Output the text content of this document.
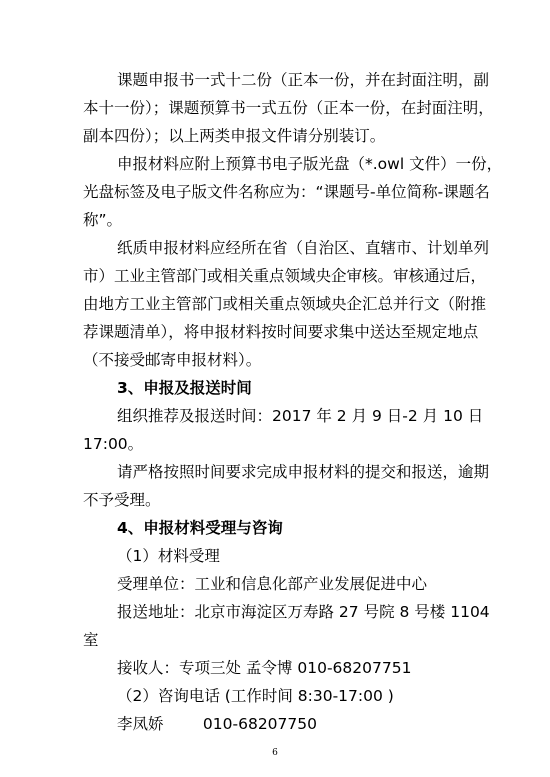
课题申报书一式十二份（正本一份，并在封面注明，副
本十一份）；课题预算书一式五份（正本一份，在封面注明，
副本四份）；以上两类申报文件请分别装订。
申报材料应附上预算书电子版光盘（*.owl 文件）一份，
光盘标签及电子版文件名称应为：“课题号-单位简称-课题名
称”。
纸质申报材料应经所在省（自治区、直辖市、计划单列
市）工业主管部门或相关重点领域央企审核。审核通过后，
由地方工业主管部门或相关重点领域央企汇总并行文（附推
荐课题清单），将申报材料按时间要求集中送达至规定地点
（不接受邮寄申报材料）。
3、申报及报送时间
组织推荐及报送时间：2017 年 2 月 9 日-2 月 10 日
17:00。
请严格按照时间要求完成申报材料的提交和报送，逾期
不予受理。
4、申报材料受理与咨询
（1）材料受理
受理单位：工业和信息化部产业发展促进中心
报送地址：北京市海淀区万寿路 27 号院 8 号楼 1104
室
接收人：专项三处 孟令博 010-68207751
（2）咨询电话 (工作时间 8:30-17:00 )
李凤娇        010-68207750
6
